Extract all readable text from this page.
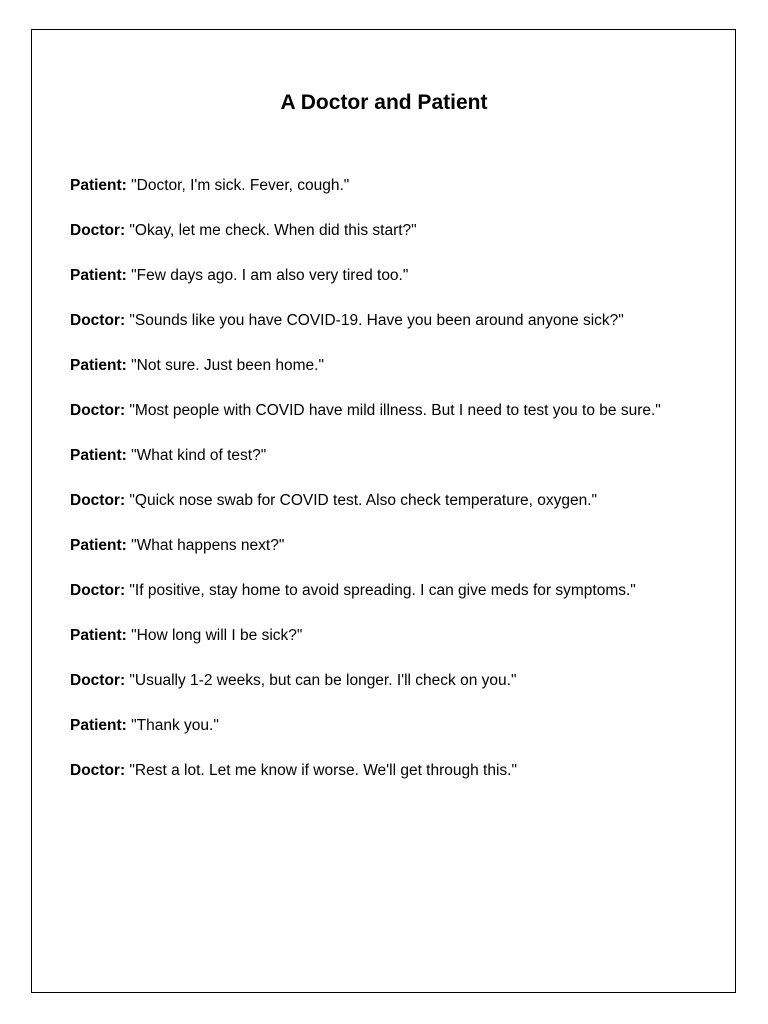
A Doctor and Patient
Patient: "Doctor, I'm sick. Fever, cough."
Doctor: "Okay, let me check. When did this start?"
Patient: "Few days ago. I am also very tired too."
Doctor: "Sounds like you have COVID-19. Have you been around anyone sick?"
Patient: "Not sure. Just been home."
Doctor: "Most people with COVID have mild illness. But I need to test you to be sure."
Patient: "What kind of test?"
Doctor: "Quick nose swab for COVID test. Also check temperature, oxygen."
Patient: "What happens next?"
Doctor: "If positive, stay home to avoid spreading. I can give meds for symptoms."
Patient: "How long will I be sick?"
Doctor: "Usually 1-2 weeks, but can be longer. I'll check on you."
Patient: "Thank you."
Doctor: "Rest a lot. Let me know if worse. We'll get through this."
